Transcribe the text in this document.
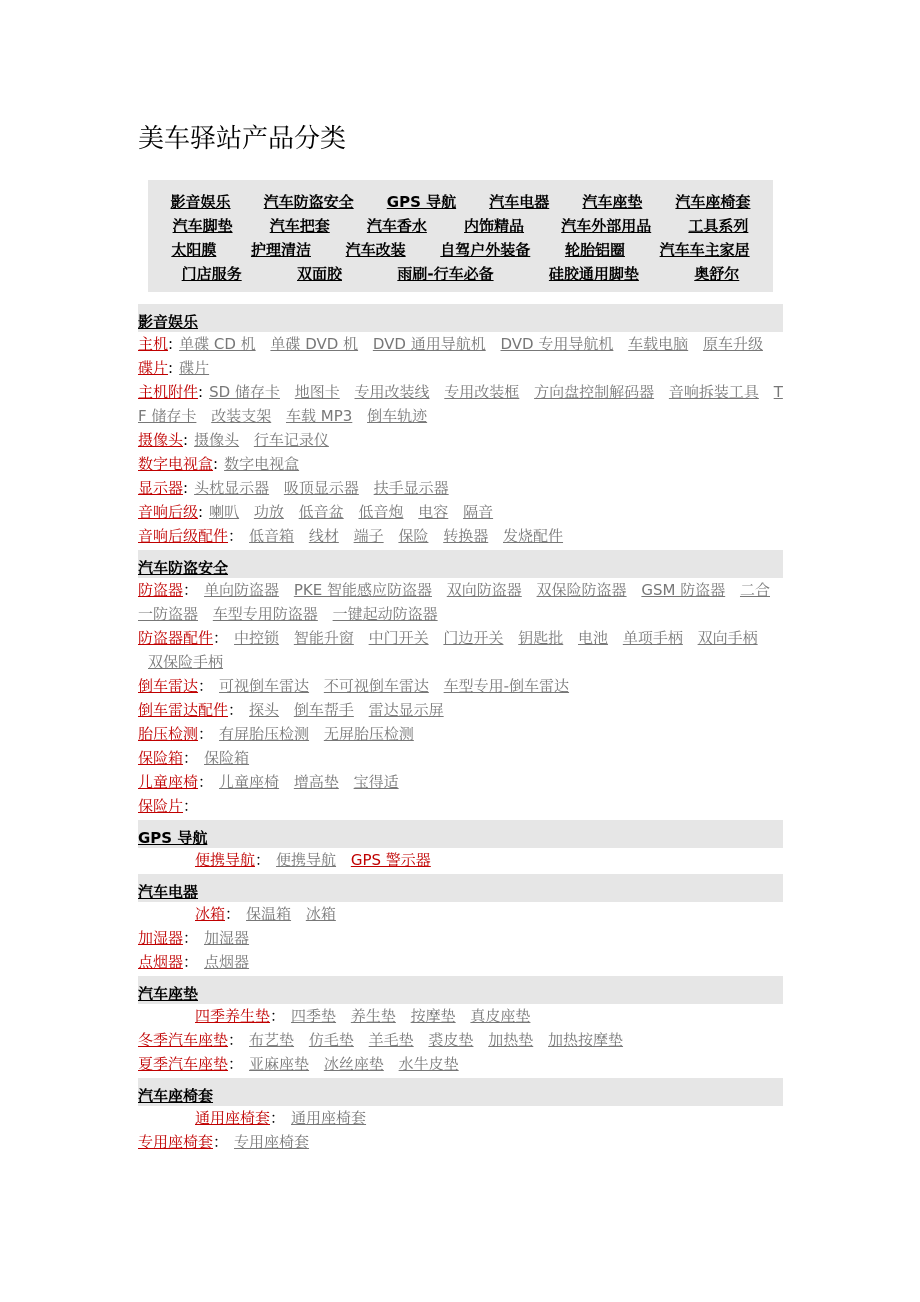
美车驿站产品分类
影音娱乐 汽车防盗安全 GPS 导航 汽车电器 汽车座垫 汽车座椅套
汽车脚垫 汽车把套 汽车香水 内饰精品 汽车外部用品 工具系列
太阳膜 护理清洁 汽车改装 自驾户外装备 轮胎铝圈 汽车车主家居
门店服务	双面胶	雨刷-行车必备	硅胶通用脚垫	奥舒尔
影音娱乐
主机: 单碟 CD 机 单碟 DVD 机 DVD 通用导航机 DVD 专用导航机 车载电脑 原车升级
碟片: 碟片
主机附件: SD 储存卡 地图卡 专用改装线 专用改装框 方向盘控制解码器 音响拆装工具 TF 储存卡 改装支架 车载 MP3 倒车轨迹
摄像头: 摄像头 行车记录仪
数字电视盒: 数字电视盒
显示器: 头枕显示器 吸顶显示器 扶手显示器
音响后级: 喇叭 功放 低音盆 低音炮 电容 隔音
音响后级配件： 低音箱 线材 端子 保险 转换器 发烧配件
汽车防盗安全
防盗器： 单向防盗器 PKE 智能感应防盗器 双向防盗器 双保险防盗器 GSM 防盗器 二合一防盗器 车型专用防盗器 一键起动防盗器
防盗器配件： 中控锁 智能升窗 中门开关 门边开关 钥匙批 电池 单项手柄 双向手柄 双保险手柄
倒车雷达： 可视倒车雷达 不可视倒车雷达 车型专用-倒车雷达
倒车雷达配件： 探头 倒车帮手 雷达显示屏
胎压检测： 有屏胎压检测 无屏胎压检测
保险箱： 保险箱
儿童座椅： 儿童座椅 增高垫 宝得适
保险片：
GPS 导航
便携导航： 便携导航 GPS 警示器
汽车电器
冰箱： 保温箱 冰箱
加湿器： 加湿器
点烟器： 点烟器
汽车座垫
四季养生垫： 四季垫 养生垫 按摩垫 真皮座垫
冬季汽车座垫： 布艺垫 仿毛垫 羊毛垫 裘皮垫 加热垫 加热按摩垫
夏季汽车座垫： 亚麻座垫 冰丝座垫 水牛皮垫
汽车座椅套
通用座椅套： 通用座椅套
专用座椅套： 专用座椅套
